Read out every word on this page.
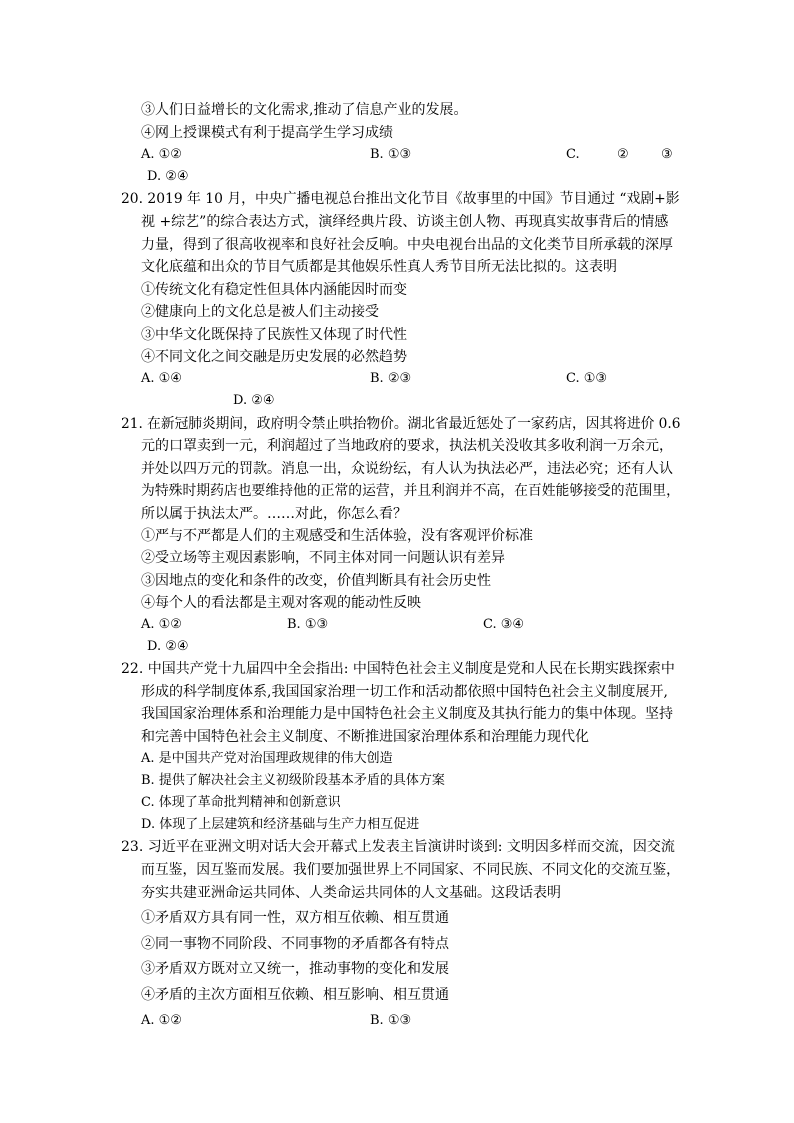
③人们日益增长的文化需求,推动了信息产业的发展。
④网上授课模式有利于提高学生学习成绩
A. ①②	B. ①③	C.	② ③
D. ②④
20. 2019 年 10 月，中央广播电视总台推出文化节目《故事里的中国》节目通过 “戏剧+影
视 +综艺”的综合表达方式，演绎经典片段、访谈主创人物、再现真实故事背后的情感
力量，得到了很高收视率和良好社会反响。中央电视台出品的文化类节目所承载的深厚
文化底蕴和出众的节目气质都是其他娱乐性真人秀节目所无法比拟的。这表明
①传统文化有稳定性但具体内涵能因时而变
②健康向上的文化总是被人们主动接受
③中华文化既保持了民族性又体现了时代性
④不同文化之间交融是历史发展的必然趋势
A. ①④	B. ②③	C. ①③
D. ②④
21. 在新冠肺炎期间，政府明令禁止哄抬物价。湖北省最近惩处了一家药店，因其将进价 0.6
元的口罩卖到一元，利润超过了当地政府的要求，执法机关没收其多收利润一万余元，
并处以四万元的罚款。消息一出，众说纷纭，有人认为执法必严，违法必究；还有人认
为特殊时期药店也要维持他的正常的运营，并且利润并不高，在百姓能够接受的范围里，
所以属于执法太严。……对此，你怎么看？
①严与不严都是人们的主观感受和生活体验，没有客观评价标准
②受立场等主观因素影响，不同主体对同一问题认识有差异
③因地点的变化和条件的改变，价值判断具有社会历史性
④每个人的看法都是主观对客观的能动性反映
A. ①②	B. ①③	C. ③④
D. ②④
22. 中国共产党十九届四中全会指出: 中国特色社会主义制度是党和人民在长期实践探索中
形成的科学制度体系,我国国家治理一切工作和活动都依照中国特色社会主义制度展开,
我国国家治理体系和治理能力是中国特色社会主义制度及其执行能力的集中体现。坚持
和完善中国特色社会主义制度、不断推进国家治理体系和治理能力现代化
A. 是中国共产党对治国理政规律的伟大创造
B. 提供了解决社会主义初级阶段基本矛盾的具体方案
C. 体现了革命批判精神和创新意识
D. 体现了上层建筑和经济基础与生产力相互促进
23. 习近平在亚洲文明对话大会开幕式上发表主旨演讲时谈到: 文明因多样而交流，因交流
而互鉴，因互鉴而发展。我们要加强世界上不同国家、不同民族、不同文化的交流互鉴，
夯实共建亚洲命运共同体、人类命运共同体的人文基础。这段话表明
①矛盾双方具有同一性，双方相互依赖、相互贯通
②同一事物不同阶段、不同事物的矛盾都各有特点
③矛盾双方既对立又统一，推动事物的变化和发展
④矛盾的主次方面相互依赖、相互影响、相互贯通
A. ①②	B. ①③
